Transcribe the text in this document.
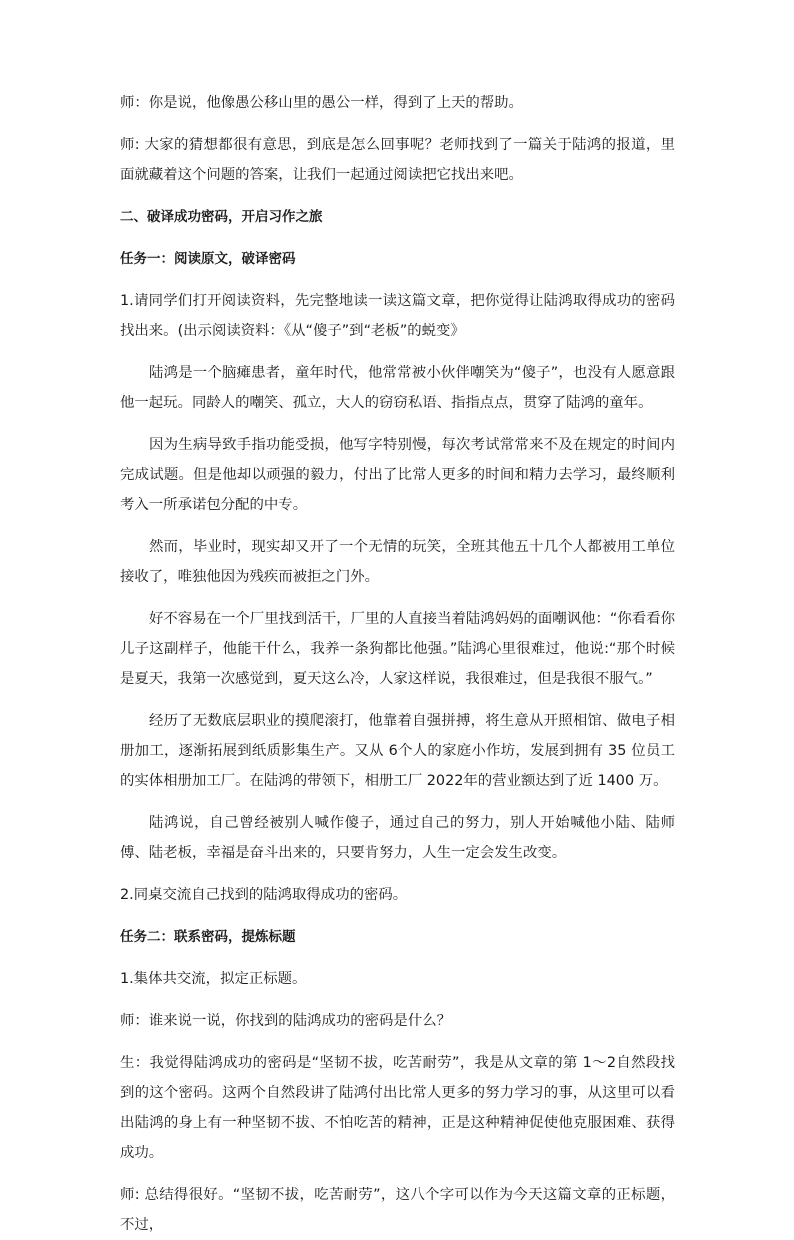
师：你是说，他像愚公移山里的愚公一样，得到了上天的帮助。

师: 大家的猜想都很有意思，到底是怎么回事呢？老师找到了一篇关于陆鸿的报道，里面就藏着这个问题的答案，让我们一起通过阅读把它找出来吧。

二、破译成功密码，开启习作之旅

任务一：阅读原文，破译密码

1.请同学们打开阅读资料，先完整地读一读这篇文章，把你觉得让陆鸿取得成功的密码找出来。(出示阅读资料：《从“傻子”到“老板”的蜕变》

陆鸿是一个脑瘫患者，童年时代，他常常被小伙伴嘲笑为“傻子”，也没有人愿意跟他一起玩。同龄人的嘲笑、孤立，大人的窃窃私语、指指点点，贯穿了陆鸿的童年。

因为生病导致手指功能受损，他写字特别慢，每次考试常常来不及在规定的时间内完成试题。但是他却以顽强的毅力，付出了比常人更多的时间和精力去学习，最终顺利考入一所承诺包分配的中专。

然而，毕业时，现实却又开了一个无情的玩笑，全班其他五十几个人都被用工单位接收了，唯独他因为残疾而被拒之门外。

好不容易在一个厂里找到活干，厂里的人直接当着陆鸿妈妈的面嘲讽他：“你看看你儿子这副样子，他能干什么，我养一条狗都比他强。”陆鸿心里很难过，他说:“那个时候是夏天，我第一次感觉到，夏天这么冷，人家这样说，我很难过，但是我很不服气。”

经历了无数底层职业的摸爬滚打，他靠着自强拼搏，将生意从开照相馆、做电子相册加工，逐渐拓展到纸质影集生产。又从 6个人的家庭小作坊，发展到拥有 35 位员工的实体相册加工厂。在陆鸿的带领下，相册工厂 2022年的营业额达到了近 1400 万。

陆鸿说，自己曾经被别人喊作傻子，通过自己的努力，别人开始喊他小陆、陆师傅、陆老板，幸福是奋斗出来的，只要肯努力，人生一定会发生改变。

2.同桌交流自己找到的陆鸿取得成功的密码。

任务二：联系密码，提炼标题

1.集体共交流，拟定正标题。

师：谁来说一说，你找到的陆鸿成功的密码是什么？

生：我觉得陆鸿成功的密码是“坚韧不拔，吃苦耐劳”，我是从文章的第 1～2自然段找到的这个密码。这两个自然段讲了陆鸿付出比常人更多的努力学习的事，从这里可以看出陆鸿的身上有一种坚韧不拔、不怕吃苦的精神，正是这种精神促使他克服困难、获得成功。

师: 总结得很好。“坚韧不拔，吃苦耐劳”，这八个字可以作为今天这篇文章的正标题，不过，
